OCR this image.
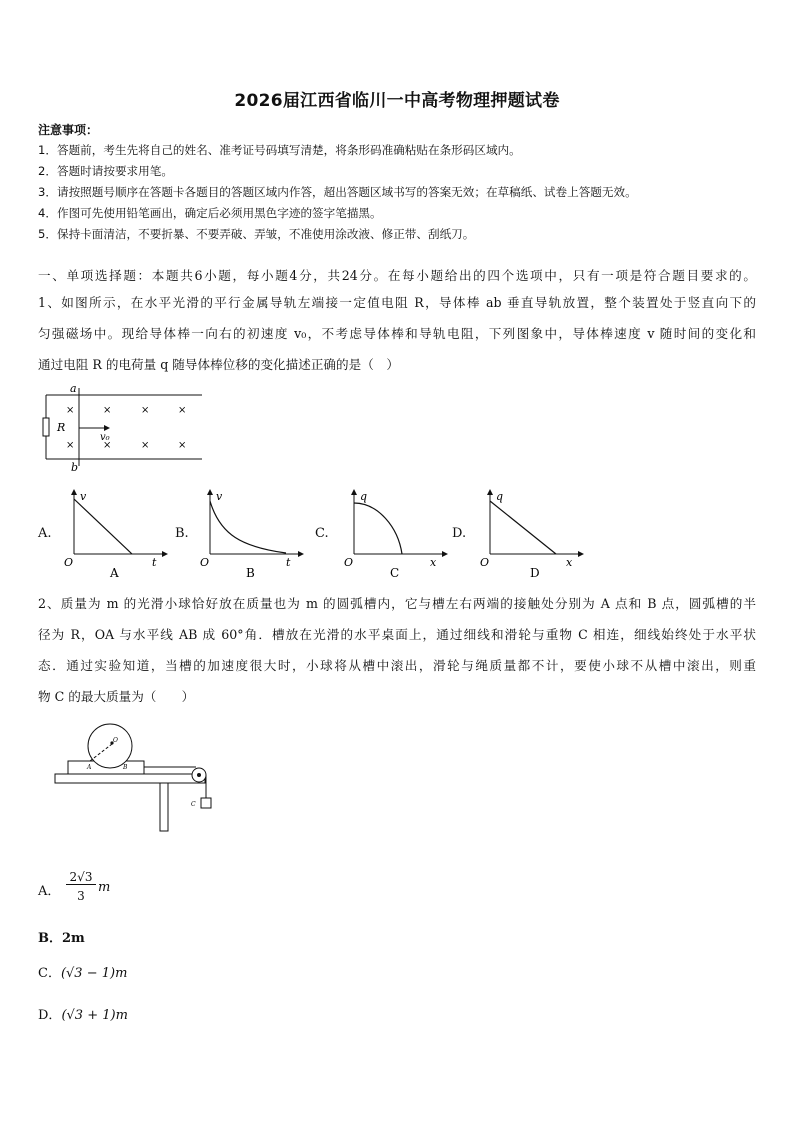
2026届江西省临川一中高考物理押题试卷
注意事项：
1．答题前，考生先将自己的姓名、准考证号码填写清楚，将条形码准确粘贴在条形码区域内。
2．答题时请按要求用笔。
3．请按照题号顺序在答题卡各题目的答题区域内作答，超出答题区域书写的答案无效；在草稿纸、试卷上答题无效。
4．作图可先使用铅笔画出，确定后必须用黑色字迹的签字笔描黑。
5．保持卡面清洁，不要折暴、不要弄破、弄皱，不准使用涂改液、修正带、刮纸刀。
一、单项选择题：本题共6小题，每小题4分，共24分。在每小题给出的四个选项中，只有一项是符合题目要求的。
1、如图所示，在水平光滑的平行金属导轨左端接一定值电阻 R，导体棒 ab 垂直导轨放置，整个装置处于竖直向下的
匀强磁场中。现给导体棒一向右的初速度 v₀，不考虑导体棒和导轨电阻，下列图象中，导体棒速度 v 随时间的变化和
通过电阻 R 的电荷量 q 随导体棒位移的变化描述正确的是（　）
R
a
b
×	×	×	×
×	×	×	×
v₀
A.
v
t
O
A
B.
v
t
O
B
C.
q
x
O
C
D.
q
x
O
D
2、质量为 m 的光滑小球恰好放在质量也为 m 的圆弧槽内，它与槽左右两端的接触处分别为 A 点和 B 点，圆弧槽的半
径为 R，OA 与水平线 AB 成 60°角．槽放在光滑的水平桌面上，通过细线和滑轮与重物 C 相连，细线始终处于水平状
态．通过实验知道，当槽的加速度很大时，小球将从槽中滚出，滑轮与绳质量都不计，要使小球不从槽中滚出，则重
物 C 的最大质量为（　　）
O
A	B
C
A．
2√3
3
m
B．2m
C．(√3 − 1)m
D．(√3 + 1)m
